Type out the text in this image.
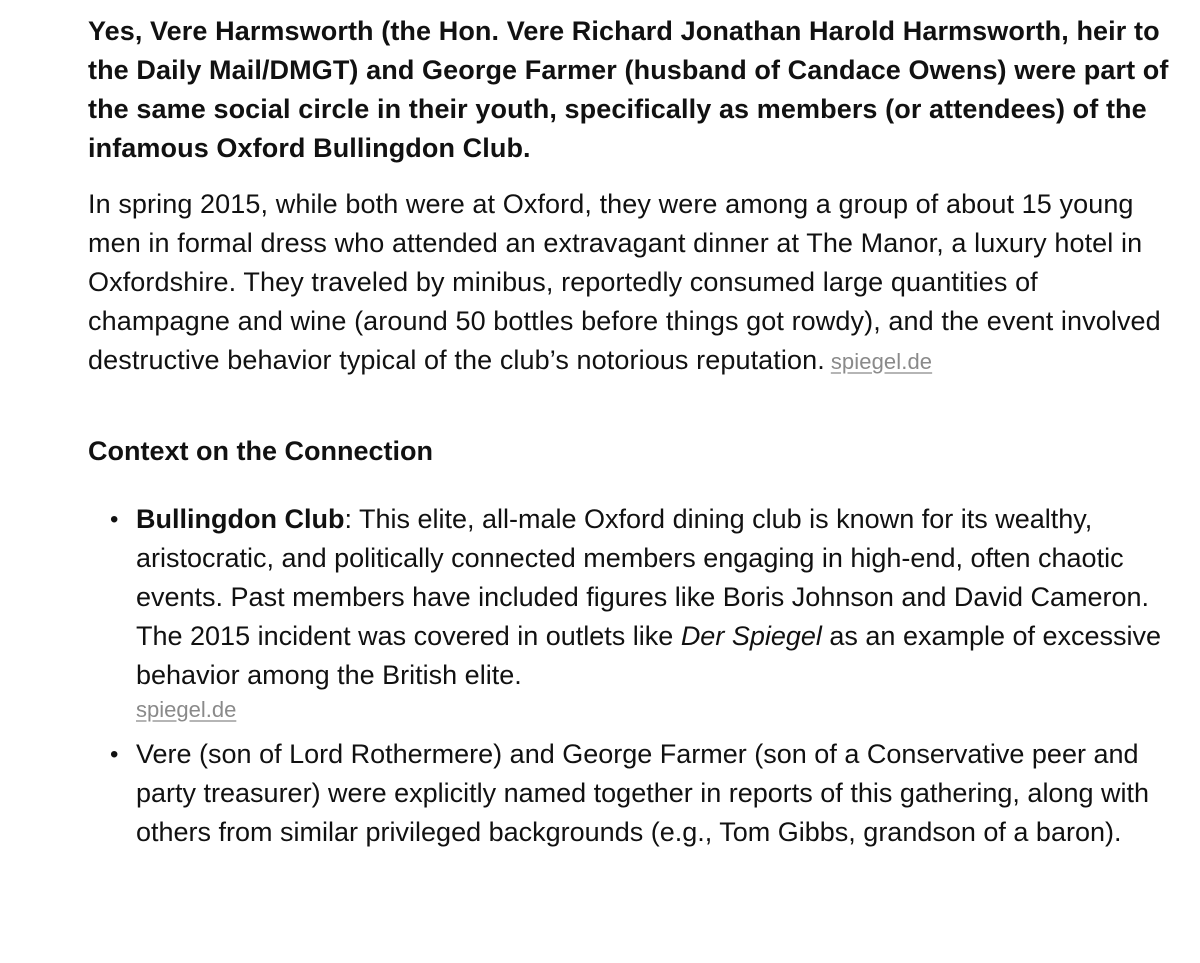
Yes, Vere Harmsworth (the Hon. Vere Richard Jonathan Harold Harmsworth, heir to the Daily Mail/DMGT) and George Farmer (husband of Candace Owens) were part of the same social circle in their youth, specifically as members (or attendees) of the infamous Oxford Bullingdon Club.

In spring 2015, while both were at Oxford, they were among a group of about 15 young men in formal dress who attended an extravagant dinner at The Manor, a luxury hotel in Oxfordshire. They traveled by minibus, reportedly consumed large quantities of champagne and wine (around 50 bottles before things got rowdy), and the event involved destructive behavior typical of the club’s notorious reputation. spiegel.de

Context on the Connection
• Bullingdon Club: This elite, all-male Oxford dining club is known for its wealthy, aristocratic, and politically connected members engaging in high-end, often chaotic events. Past members have included figures like Boris Johnson and David Cameron. The 2015 incident was covered in outlets like Der Spiegel as an example of excessive behavior among the British elite.
spiegel.de
• Vere (son of Lord Rothermere) and George Farmer (son of a Conservative peer and party treasurer) were explicitly named together in reports of this gathering, along with others from similar privileged backgrounds (e.g., Tom Gibbs, grandson of a baron).
